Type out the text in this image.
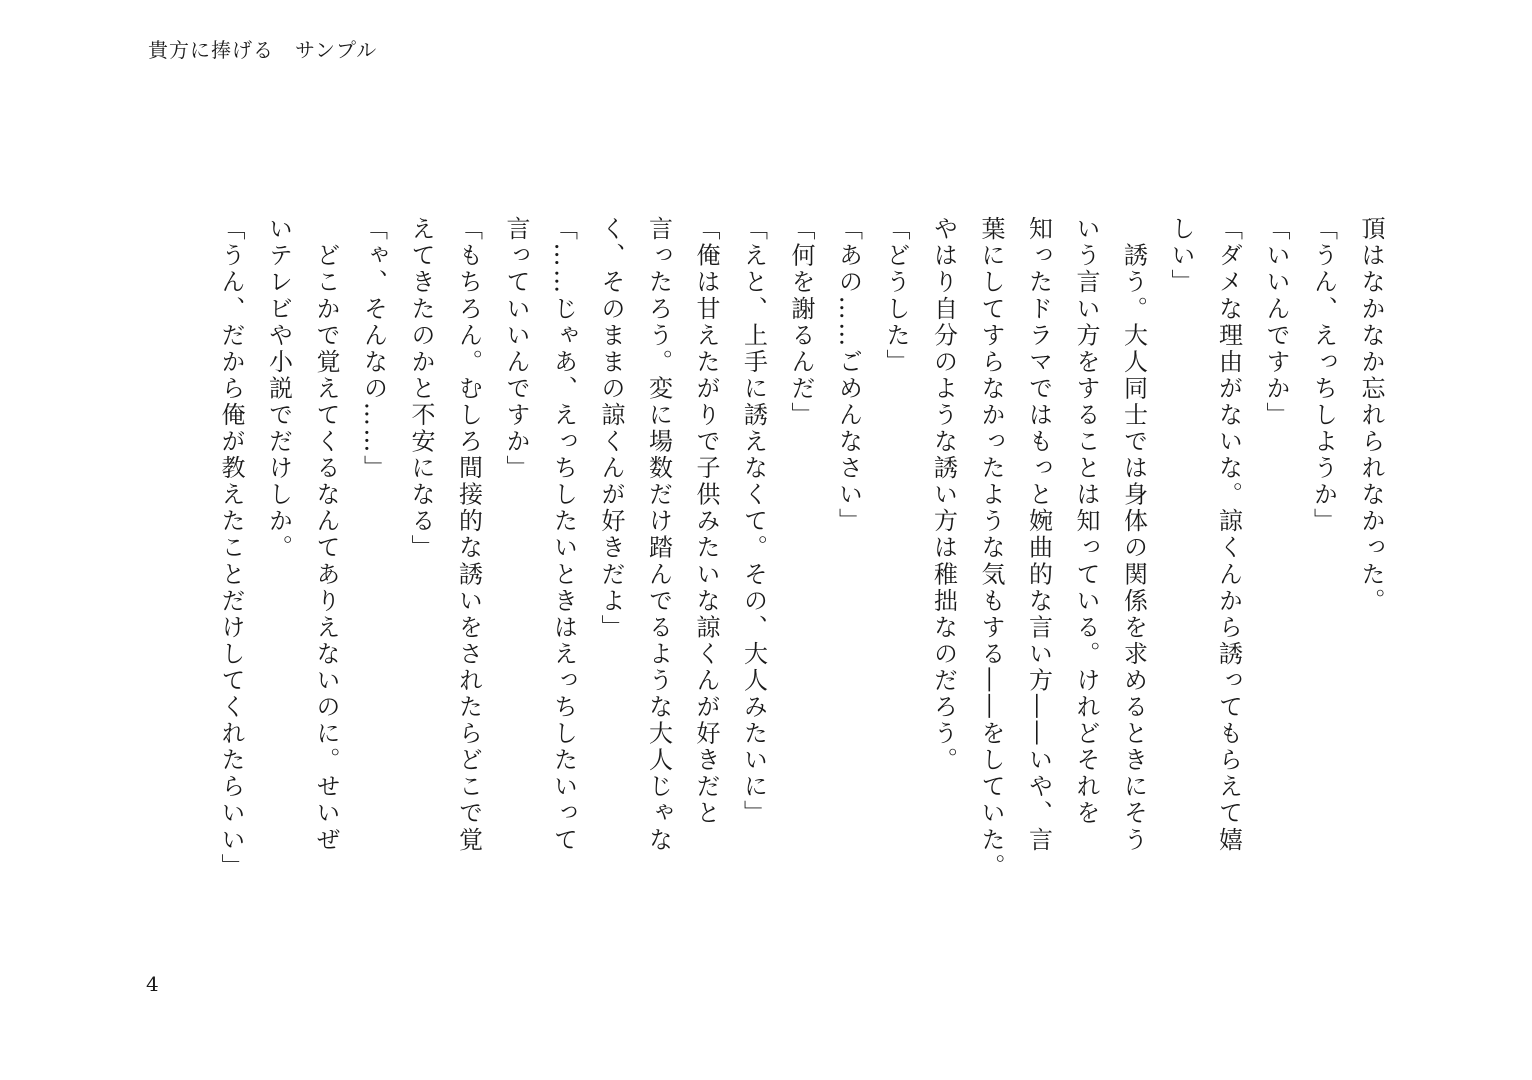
貴方に捧げる　サンプル
頂はなかなか忘れられなかった。
「うん、えっちしようか」
「いいんですか」
「ダメな理由がないな。諒くんから誘ってもらえて嬉
しい」
　誘う。大人同士では身体の関係を求めるときにそう
いう言い方をすることは知っている。けれどそれを
知ったドラマではもっと婉曲的な言い方――いや、言
葉にしてすらなかったような気もする――をしていた。
やはり自分のような誘い方は稚拙なのだろう。
「どうした」
「あの……ごめんなさい」
「何を謝るんだ」
「えと、上手に誘えなくて。その、大人みたいに」
「俺は甘えたがりで子供みたいな諒くんが好きだと
言ったろう。変に場数だけ踏んでるような大人じゃな
く、そのままの諒くんが好きだよ」
「……じゃあ、えっちしたいときはえっちしたいって
言っていいんですか」
「もちろん。むしろ間接的な誘いをされたらどこで覚
えてきたのかと不安になる」
「ゃ、そんなの……」
　どこかで覚えてくるなんてありえないのに。せいぜ
いテレビや小説でだけしか。
「うん、だから俺が教えたことだけしてくれたらいい」
4
